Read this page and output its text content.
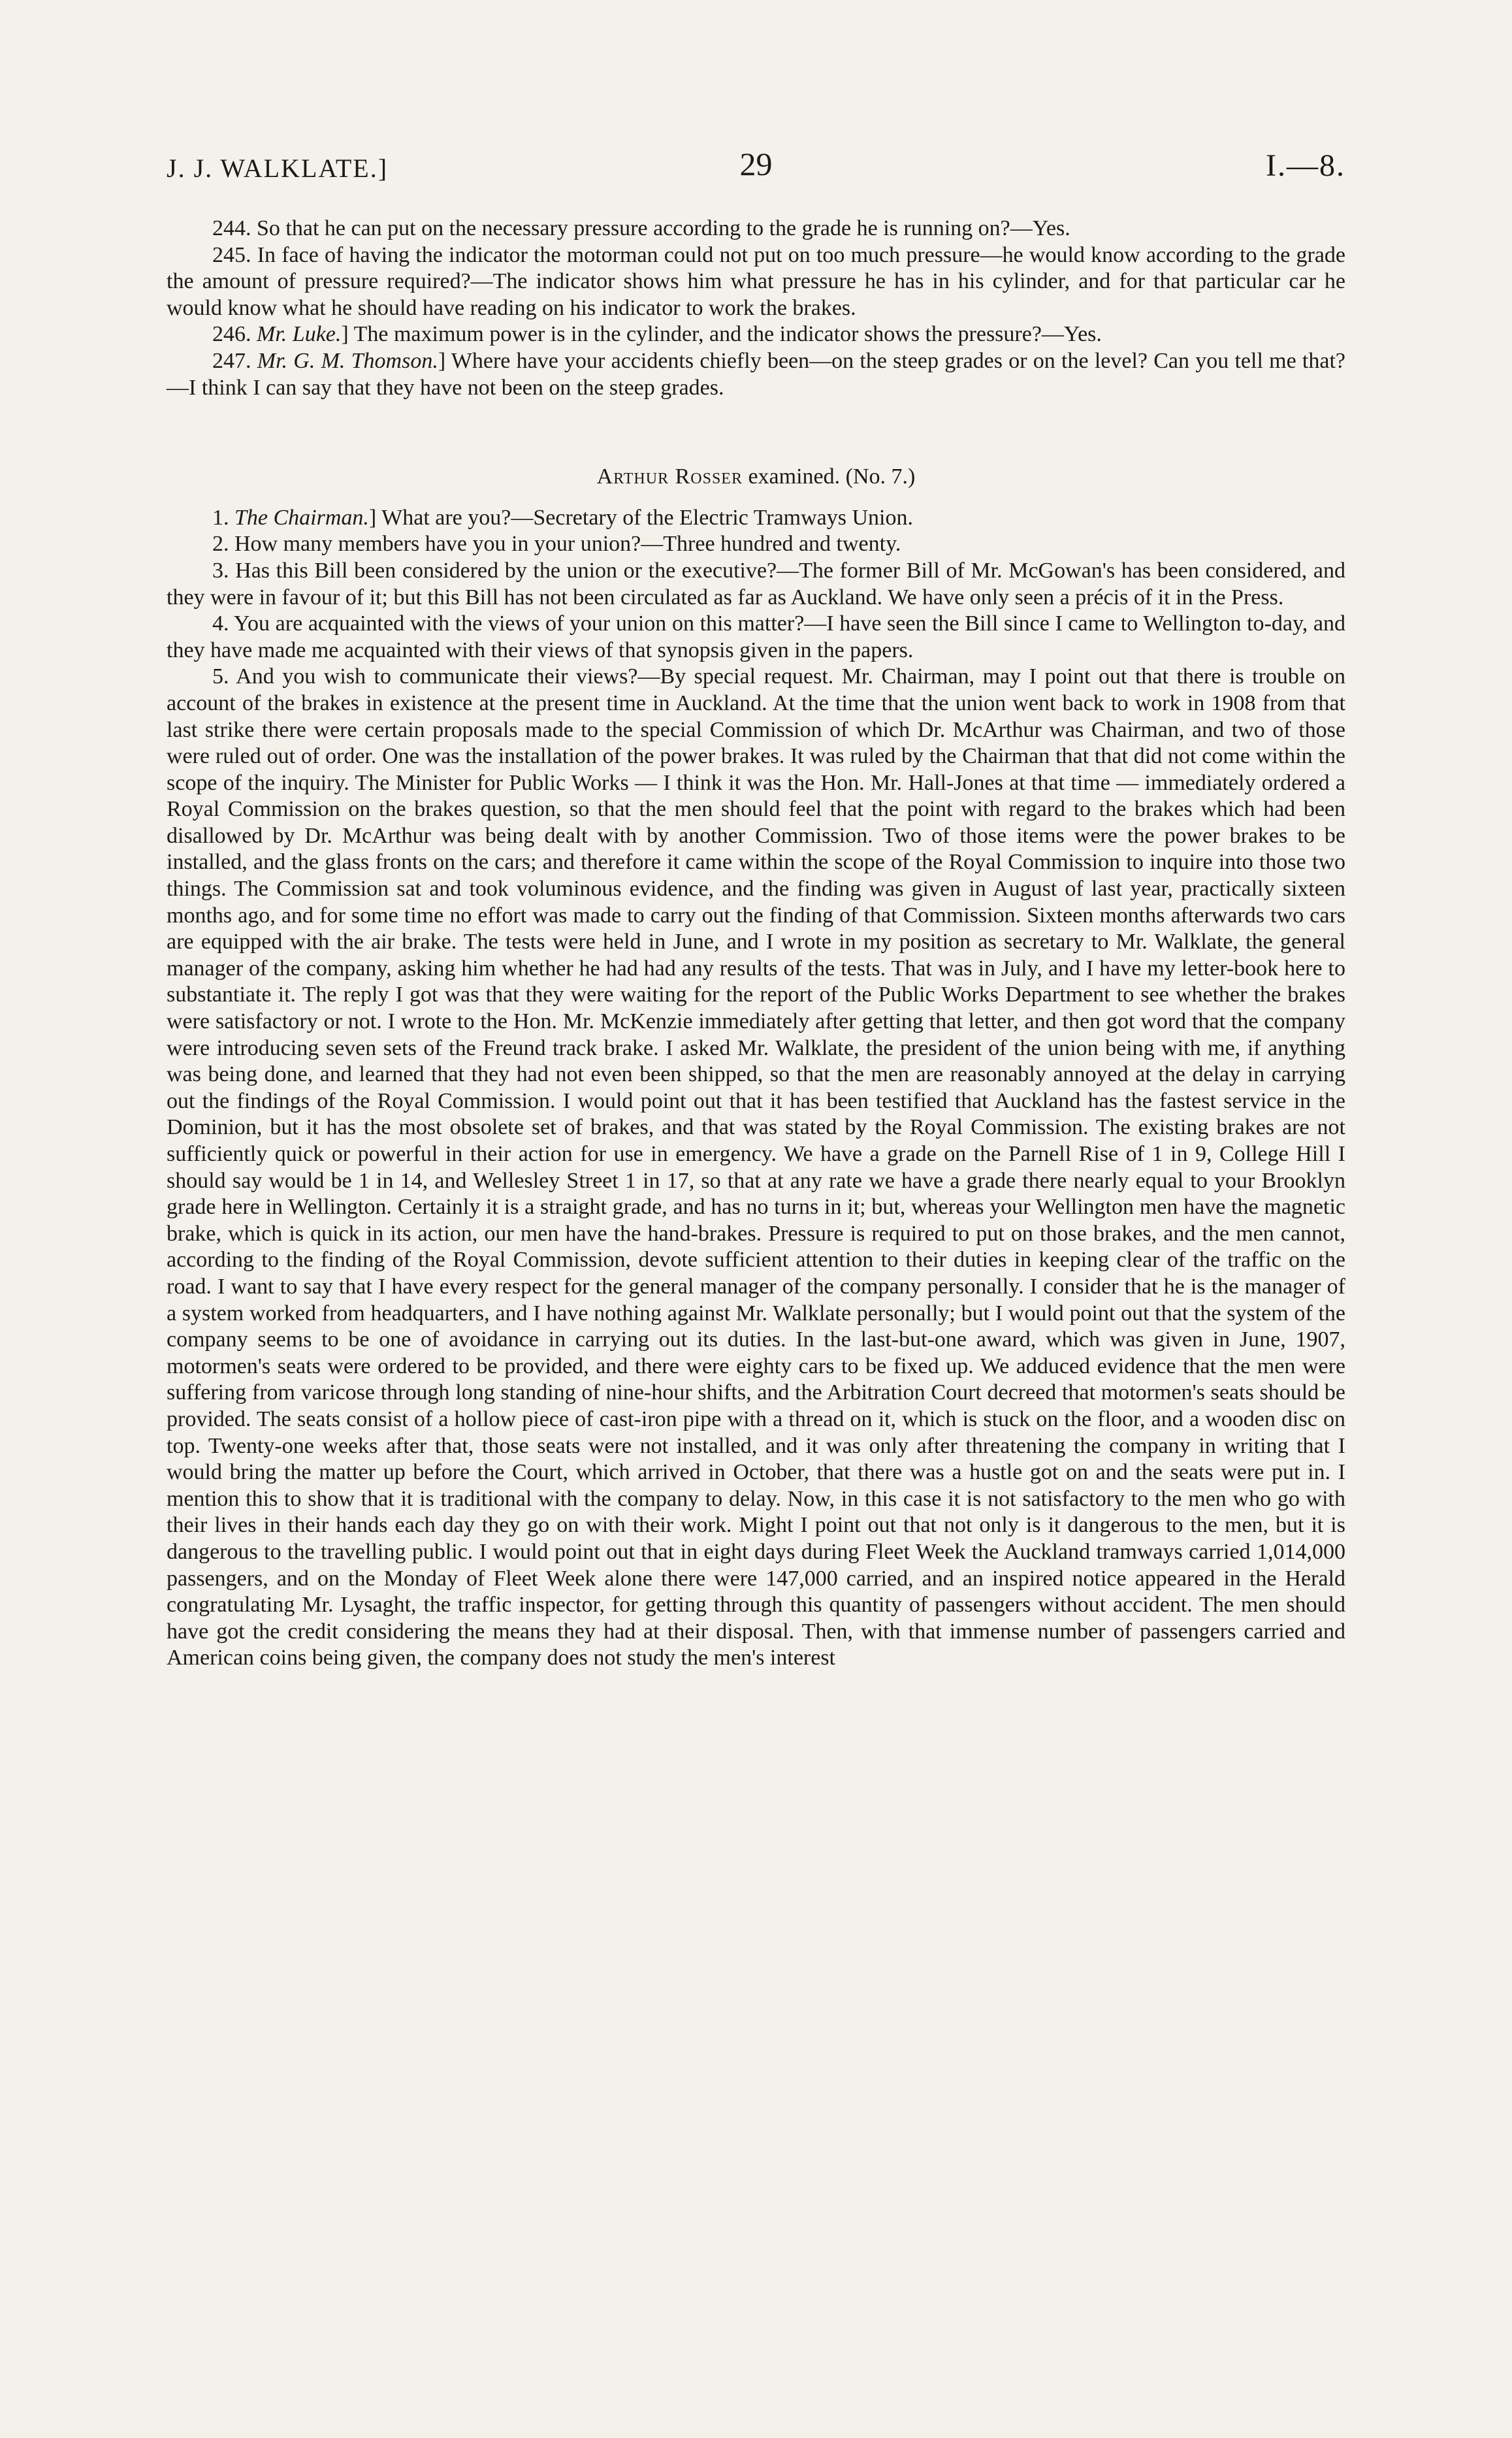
J. J. WALKLATE.]	29	I.—8.

244. So that he can put on the necessary pressure according to the grade he is running on?—Yes.

245. In face of having the indicator the motorman could not put on too much pressure—he would know according to the grade the amount of pressure required?—The indicator shows him what pressure he has in his cylinder, and for that particular car he would know what he should have reading on his indicator to work the brakes.

246. Mr. Luke.] The maximum power is in the cylinder, and the indicator shows the pressure?—Yes.

247. Mr. G. M. Thomson.] Where have your accidents chiefly been—on the steep grades or on the level? Can you tell me that?—I think I can say that they have not been on the steep grades.

Arthur Rosser examined. (No. 7.)

1. The Chairman.] What are you?—Secretary of the Electric Tramways Union.

2. How many members have you in your union?—Three hundred and twenty.

3. Has this Bill been considered by the union or the executive?—The former Bill of Mr. McGowan's has been considered, and they were in favour of it; but this Bill has not been circulated as far as Auckland. We have only seen a précis of it in the Press.

4. You are acquainted with the views of your union on this matter?—I have seen the Bill since I came to Wellington to-day, and they have made me acquainted with their views of that synopsis given in the papers.

5. And you wish to communicate their views?—By special request. Mr. Chairman, may I point out that there is trouble on account of the brakes in existence at the present time in Auckland. At the time that the union went back to work in 1908 from that last strike there were certain proposals made to the special Commission of which Dr. McArthur was Chairman, and two of those were ruled out of order. One was the installation of the power brakes. It was ruled by the Chairman that that did not come within the scope of the inquiry. The Minister for Public Works — I think it was the Hon. Mr. Hall-Jones at that time — immediately ordered a Royal Commission on the brakes question, so that the men should feel that the point with regard to the brakes which had been disallowed by Dr. McArthur was being dealt with by another Commission. Two of those items were the power brakes to be installed, and the glass fronts on the cars; and therefore it came within the scope of the Royal Commission to inquire into those two things. The Commission sat and took voluminous evidence, and the finding was given in August of last year, practically sixteen months ago, and for some time no effort was made to carry out the finding of that Commission. Sixteen months afterwards two cars are equipped with the air brake. The tests were held in June, and I wrote in my position as secretary to Mr. Walklate, the general manager of the company, asking him whether he had had any results of the tests. That was in July, and I have my letter-book here to substantiate it. The reply I got was that they were waiting for the report of the Public Works Department to see whether the brakes were satisfactory or not. I wrote to the Hon. Mr. McKenzie immediately after getting that letter, and then got word that the company were introducing seven sets of the Freund track brake. I asked Mr. Walklate, the president of the union being with me, if anything was being done, and learned that they had not even been shipped, so that the men are reasonably annoyed at the delay in carrying out the findings of the Royal Commission. I would point out that it has been testified that Auckland has the fastest service in the Dominion, but it has the most obsolete set of brakes, and that was stated by the Royal Commission. The existing brakes are not sufficiently quick or powerful in their action for use in emergency. We have a grade on the Parnell Rise of 1 in 9, College Hill I should say would be 1 in 14, and Wellesley Street 1 in 17, so that at any rate we have a grade there nearly equal to your Brooklyn grade here in Wellington. Certainly it is a straight grade, and has no turns in it; but, whereas your Wellington men have the magnetic brake, which is quick in its action, our men have the hand-brakes. Pressure is required to put on those brakes, and the men cannot, according to the finding of the Royal Commission, devote sufficient attention to their duties in keeping clear of the traffic on the road. I want to say that I have every respect for the general manager of the company personally. I consider that he is the manager of a system worked from headquarters, and I have nothing against Mr. Walklate personally; but I would point out that the system of the company seems to be one of avoidance in carrying out its duties. In the last-but-one award, which was given in June, 1907, motormen's seats were ordered to be provided, and there were eighty cars to be fixed up. We adduced evidence that the men were suffering from varicose through long standing of nine-hour shifts, and the Arbitration Court decreed that motormen's seats should be provided. The seats consist of a hollow piece of cast-iron pipe with a thread on it, which is stuck on the floor, and a wooden disc on top. Twenty-one weeks after that, those seats were not installed, and it was only after threatening the company in writing that I would bring the matter up before the Court, which arrived in October, that there was a hustle got on and the seats were put in. I mention this to show that it is traditional with the company to delay. Now, in this case it is not satisfactory to the men who go with their lives in their hands each day they go on with their work. Might I point out that not only is it dangerous to the men, but it is dangerous to the travelling public. I would point out that in eight days during Fleet Week the Auckland tramways carried 1,014,000 passengers, and on the Monday of Fleet Week alone there were 147,000 carried, and an inspired notice appeared in the Herald congratulating Mr. Lysaght, the traffic inspector, for getting through this quantity of passengers without accident. The men should have got the credit considering the means they had at their disposal. Then, with that immense number of passengers carried and American coins being given, the company does not study the men's interest
